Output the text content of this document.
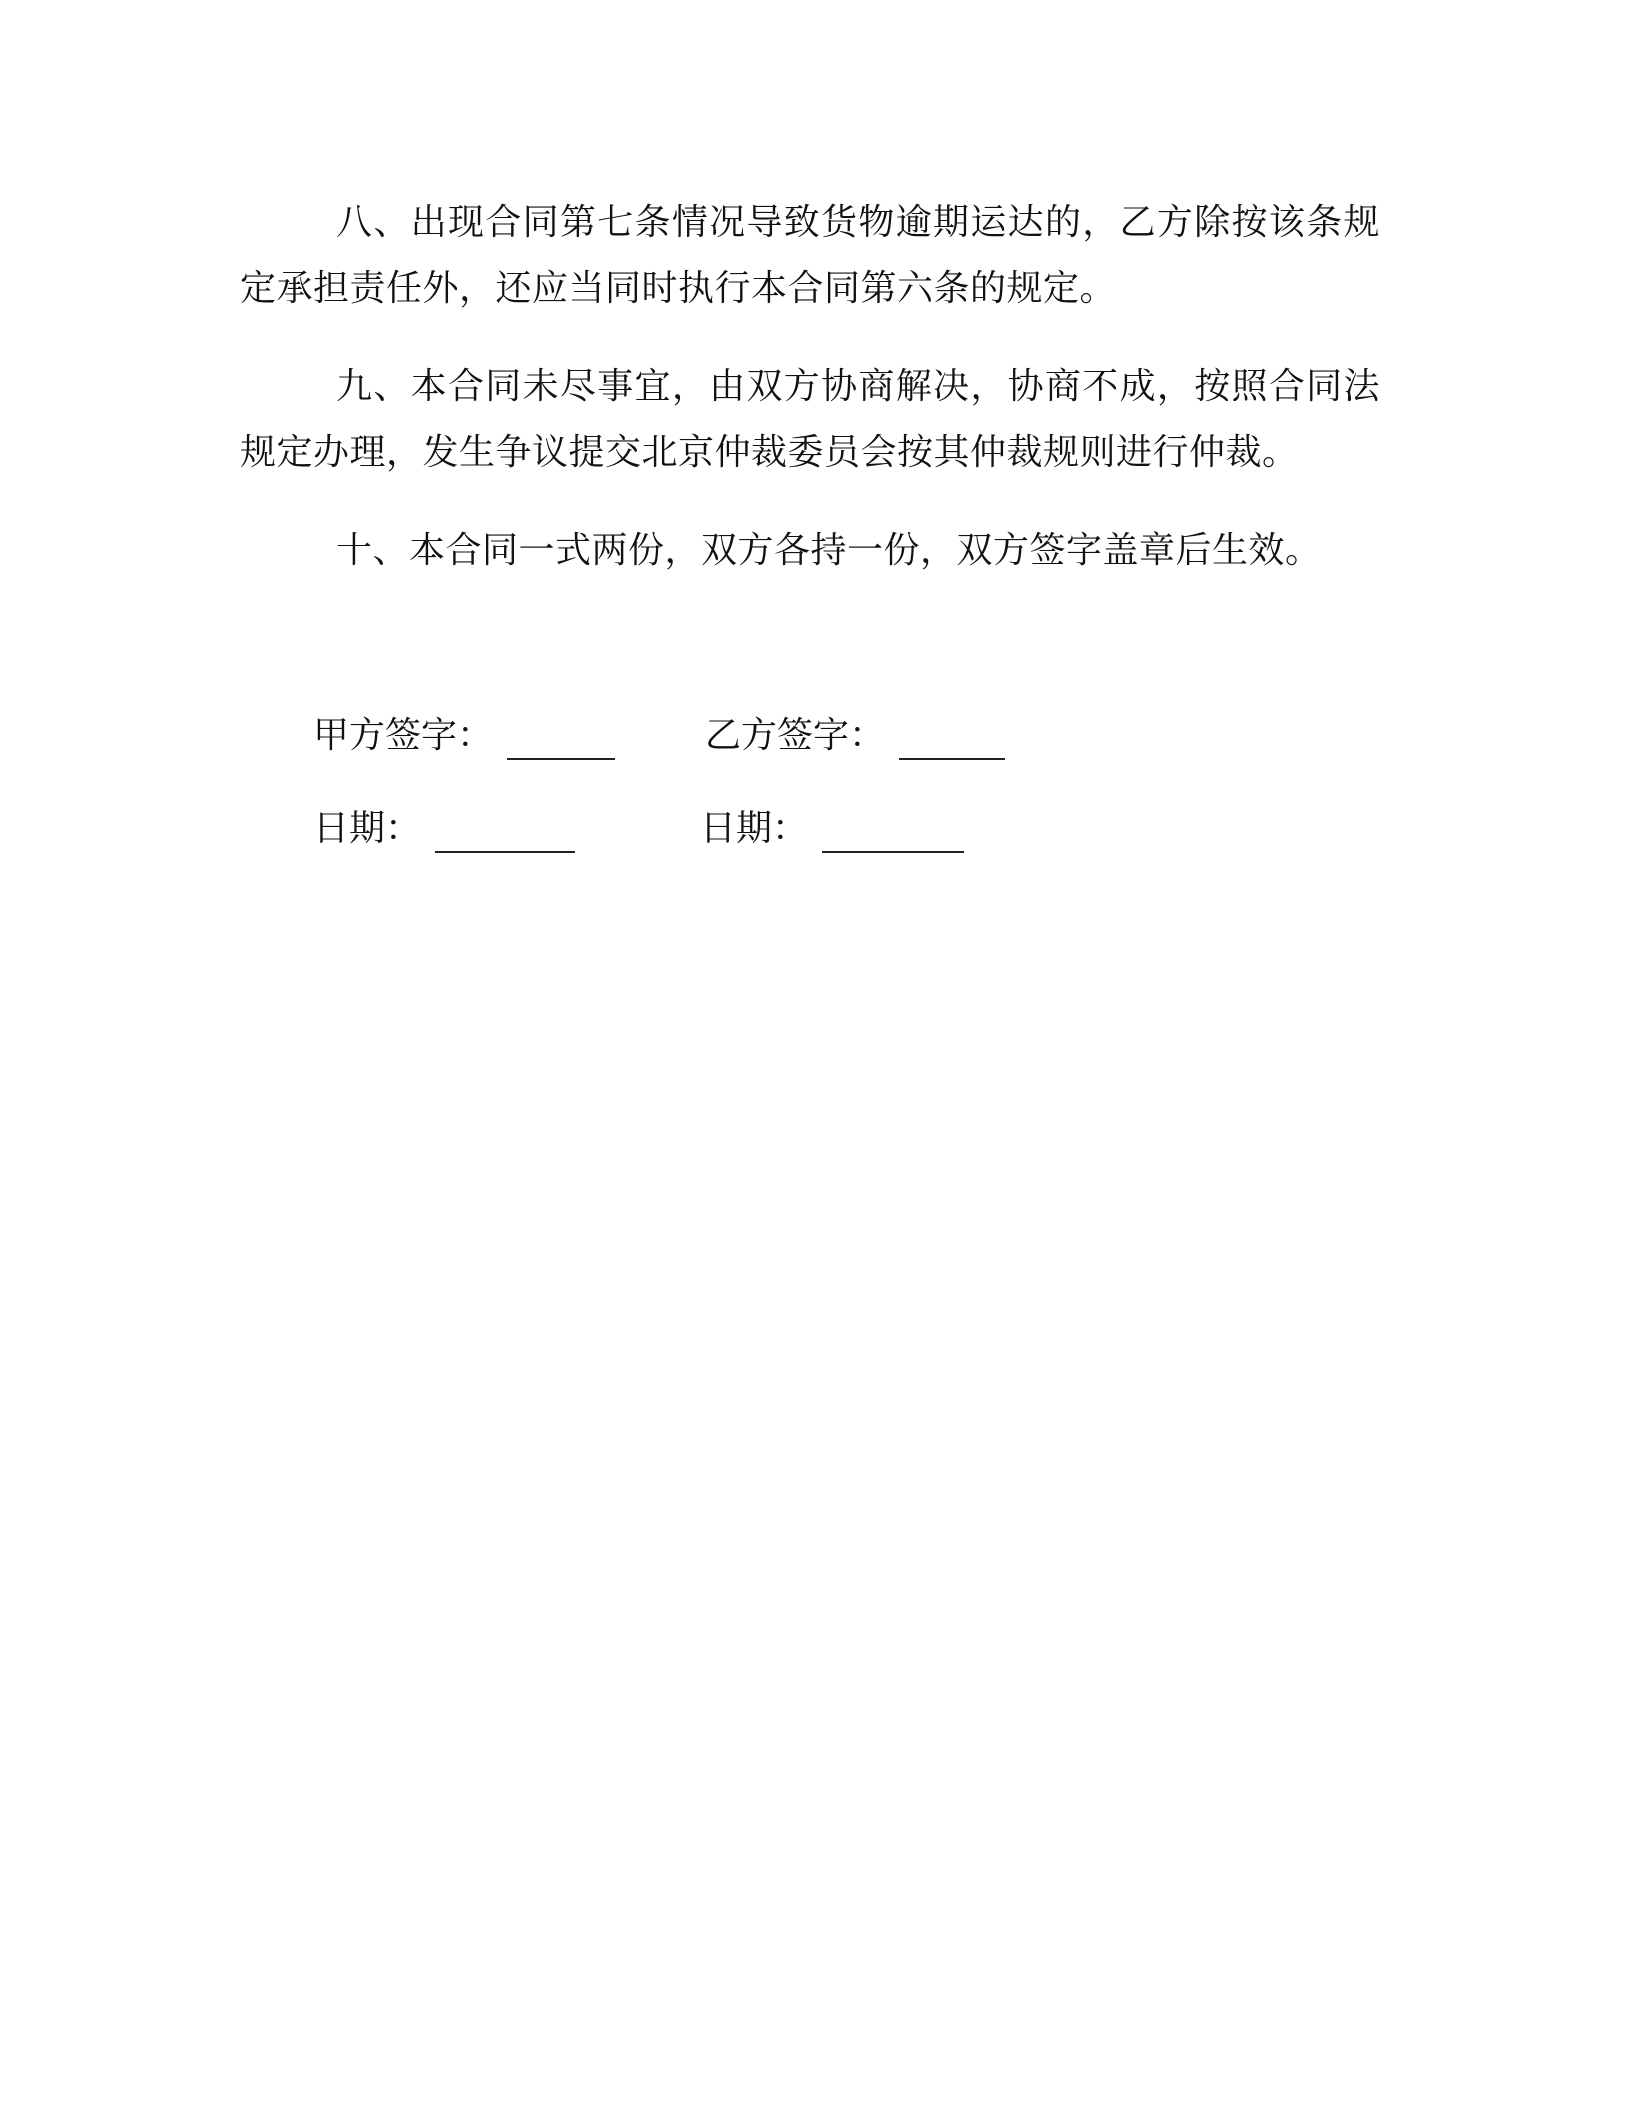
八、出现合同第七条情况导致货物逾期运达的，乙方除按该条规定承担责任外，还应当同时执行本合同第六条的规定。

九、本合同未尽事宜，由双方协商解决，协商不成，按照合同法规定办理，发生争议提交北京仲裁委员会按其仲裁规则进行仲裁。

十、本合同一式两份，双方各持一份，双方签字盖章后生效。

甲方签字：	乙方签字：
日期：	日期：
